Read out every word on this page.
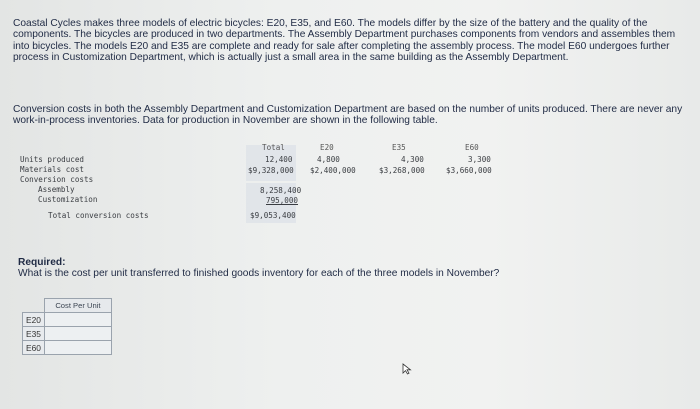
Coastal Cycles makes three models of electric bicycles: E20, E35, and E60. The models differ by the size of the battery and the quality of the components. The bicycles are produced in two departments. The Assembly Department purchases components from vendors and assembles them into bicycles. The models E20 and E35 are complete and ready for sale after completing the assembly process. The model E60 undergoes further process in Customization Department, which is actually just a small area in the same building as the Assembly Department.

Conversion costs in both the Assembly Department and Customization Department are based on the number of units produced. There are never any work-in-process inventories. Data for production in November are shown in the following table.

Total	E20	E35	E60
Units produced	12,400	4,800	4,300	3,300
Materials cost	$9,328,000 $2,400,000	$3,268,000	$3,660,000
Conversion costs
Assembly	8,258,400
Customization	795,000
Total conversion costs	$9,053,400
Required:
What is the cost per unit transferred to finished goods inventory for each of the three models in November?
	Cost Per Unit
E20	
E35	
E60	
